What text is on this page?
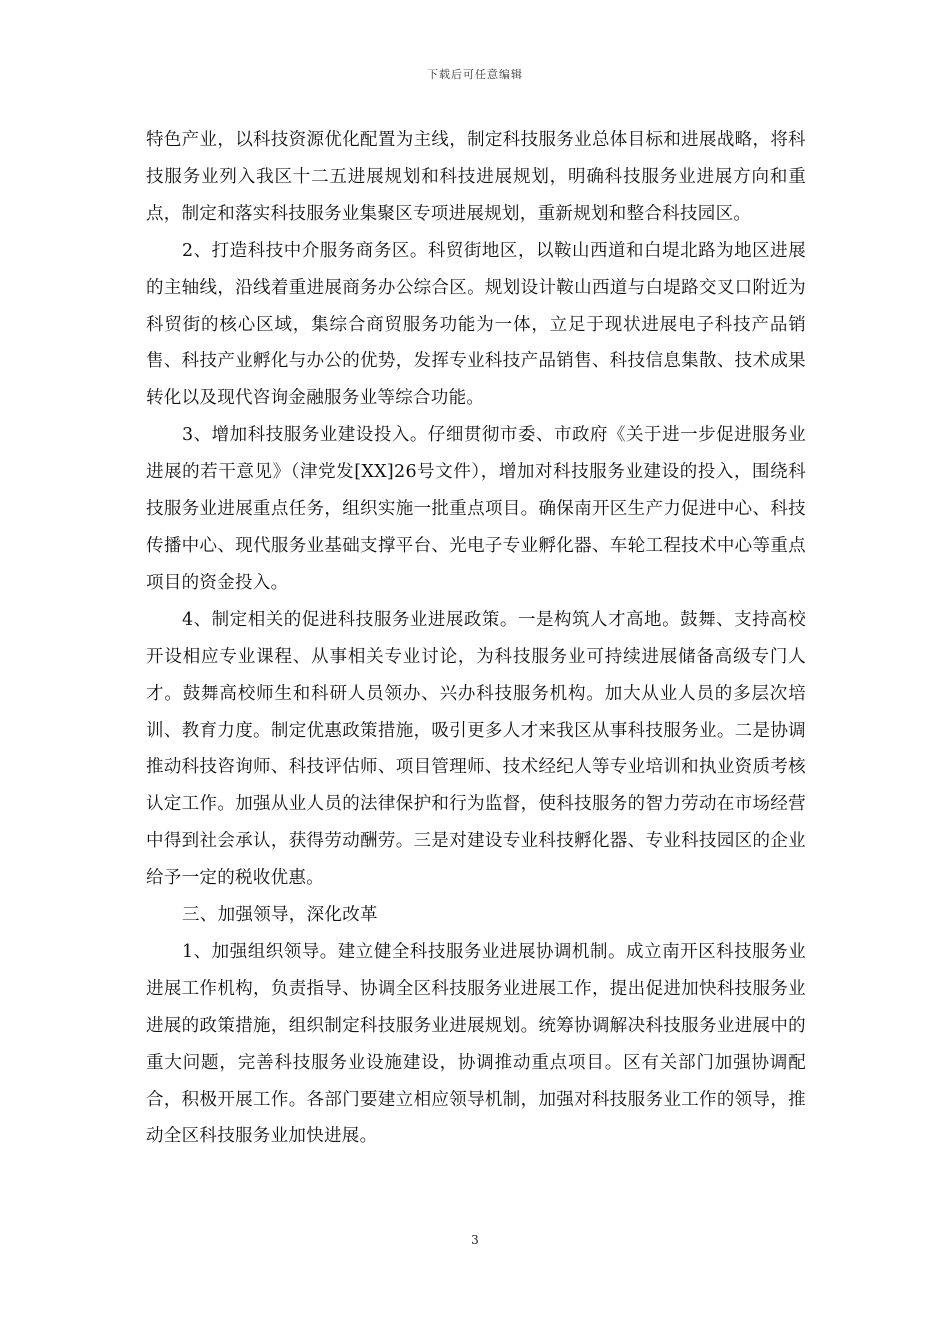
下载后可任意编辑

特色产业，以科技资源优化配置为主线，制定科技服务业总体目标和进展战略，将科技服务业列入我区十二五进展规划和科技进展规划，明确科技服务业进展方向和重点，制定和落实科技服务业集聚区专项进展规划，重新规划和整合科技园区。

2、打造科技中介服务商务区。科贸街地区，以鞍山西道和白堤北路为地区进展的主轴线，沿线着重进展商务办公综合区。规划设计鞍山西道与白堤路交叉口附近为科贸街的核心区域，集综合商贸服务功能为一体，立足于现状进展电子科技产品销售、科技产业孵化与办公的优势，发挥专业科技产品销售、科技信息集散、技术成果转化以及现代咨询金融服务业等综合功能。

3、增加科技服务业建设投入。仔细贯彻市委、市政府《关于进一步促进服务业进展的若干意见》（津党发[XX]26号文件），增加对科技服务业建设的投入，围绕科技服务业进展重点任务，组织实施一批重点项目。确保南开区生产力促进中心、科技传播中心、现代服务业基础支撑平台、光电子专业孵化器、车轮工程技术中心等重点项目的资金投入。

4、制定相关的促进科技服务业进展政策。一是构筑人才高地。鼓舞、支持高校开设相应专业课程、从事相关专业讨论，为科技服务业可持续进展储备高级专门人才。鼓舞高校师生和科研人员领办、兴办科技服务机构。加大从业人员的多层次培训、教育力度。制定优惠政策措施，吸引更多人才来我区从事科技服务业。二是协调推动科技咨询师、科技评估师、项目管理师、技术经纪人等专业培训和执业资质考核认定工作。加强从业人员的法律保护和行为监督，使科技服务的智力劳动在市场经营中得到社会承认，获得劳动酬劳。三是对建设专业科技孵化器、专业科技园区的企业给予一定的税收优惠。

三、加强领导，深化改革

1、加强组织领导。建立健全科技服务业进展协调机制。成立南开区科技服务业进展工作机构，负责指导、协调全区科技服务业进展工作，提出促进加快科技服务业进展的政策措施，组织制定科技服务业进展规划。统筹协调解决科技服务业进展中的重大问题，完善科技服务业设施建设，协调推动重点项目。区有关部门加强协调配合，积极开展工作。各部门要建立相应领导机制，加强对科技服务业工作的领导，推动全区科技服务业加快进展。

3
